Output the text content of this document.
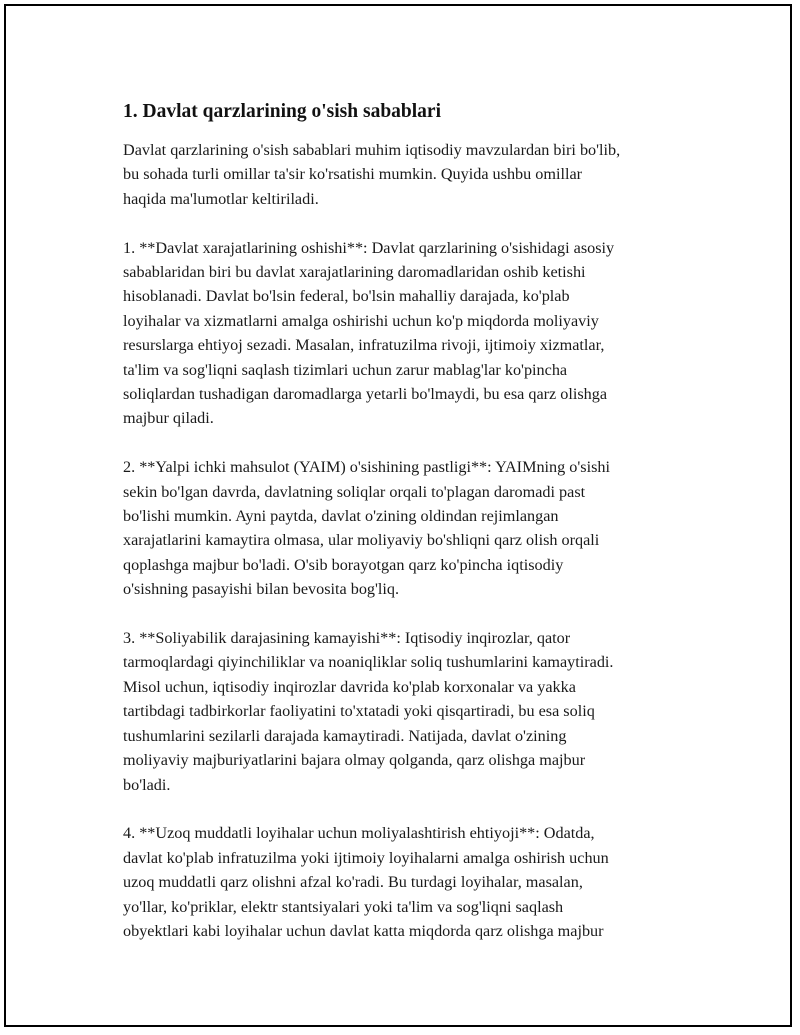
1. Davlat qarzlarining o'sish sabablari
Davlat qarzlarining o'sish sabablari muhim iqtisodiy mavzulardan biri bo'lib,
bu sohada turli omillar ta'sir ko'rsatishi mumkin. Quyida ushbu omillar
haqida ma'lumotlar keltiriladi.
1. **Davlat xarajatlarining oshishi**: Davlat qarzlarining o'sishidagi asosiy
sabablaridan biri bu davlat xarajatlarining daromadlaridan oshib ketishi
hisoblanadi. Davlat bo'lsin federal, bo'lsin mahalliy darajada, ko'plab
loyihalar va xizmatlarni amalga oshirishi uchun ko'p miqdorda moliyaviy
resurslarga ehtiyoj sezadi. Masalan, infratuzilma rivoji, ijtimoiy xizmatlar,
ta'lim va sog'liqni saqlash tizimlari uchun zarur mablag'lar ko'pincha
soliqlardan tushadigan daromadlarga yetarli bo'lmaydi, bu esa qarz olishga
majbur qiladi.
2. **Yalpi ichki mahsulot (YAIM) o'sishining pastligi**: YAIMning o'sishi
sekin bo'lgan davrda, davlatning soliqlar orqali to'plagan daromadi past
bo'lishi mumkin. Ayni paytda, davlat o'zining oldindan rejimlangan
xarajatlarini kamaytira olmasa, ular moliyaviy bo'shliqni qarz olish orqali
qoplashga majbur bo'ladi. O'sib borayotgan qarz ko'pincha iqtisodiy
o'sishning pasayishi bilan bevosita bog'liq.
3. **Soliyabilik darajasining kamayishi**: Iqtisodiy inqirozlar, qator
tarmoqlardagi qiyinchiliklar va noaniqliklar soliq tushumlarini kamaytiradi.
Misol uchun, iqtisodiy inqirozlar davrida ko'plab korxonalar va yakka
tartibdagi tadbirkorlar faoliyatini to'xtatadi yoki qisqartiradi, bu esa soliq
tushumlarini sezilarli darajada kamaytiradi. Natijada, davlat o'zining
moliyaviy majburiyatlarini bajara olmay qolganda, qarz olishga majbur
bo'ladi.
4. **Uzoq muddatli loyihalar uchun moliyalashtirish ehtiyoji**: Odatda,
davlat ko'plab infratuzilma yoki ijtimoiy loyihalarni amalga oshirish uchun
uzoq muddatli qarz olishni afzal ko'radi. Bu turdagi loyihalar, masalan,
yo'llar, ko'priklar, elektr stantsiyalari yoki ta'lim va sog'liqni saqlash
obyektlari kabi loyihalar uchun davlat katta miqdorda qarz olishga majbur
